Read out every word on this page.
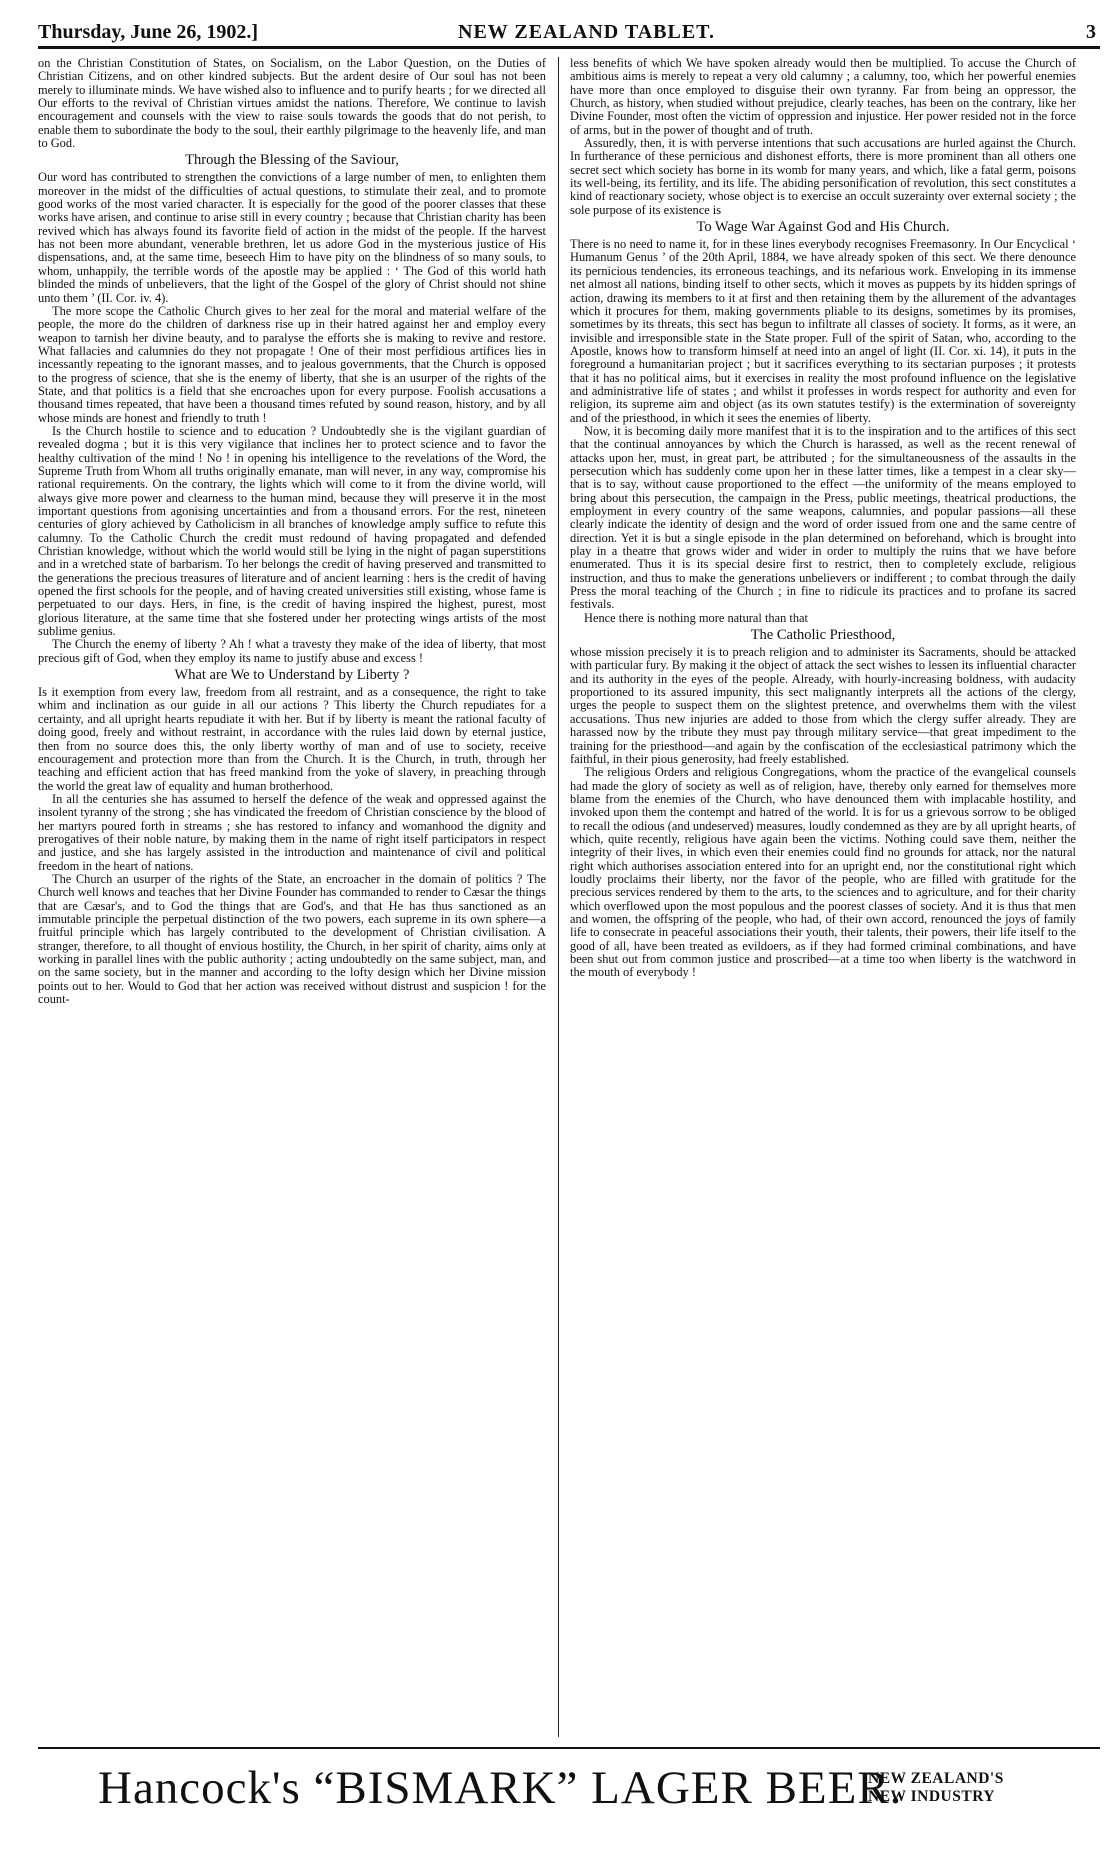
Thursday, June 26, 1902.]	NEW ZEALAND TABLET.	3

on the Christian Constitution of States, on Socialism, on the Labor Question, on the Duties of Christian Citizens, and on other kindred subjects. But the ardent desire of Our soul has not been merely to illuminate minds. We have wished also to influence and to purify hearts ; for we directed all Our efforts to the revival of Christian virtues amidst the nations. Therefore, We continue to lavish encouragement and counsels with the view to raise souls towards the goods that do not perish, to enable them to subordinate the body to the soul, their earthly pilgrimage to the heavenly life, and man to God.

Through the Blessing of the Saviour,

Our word has contributed to strengthen the convictions of a large number of men, to enlighten them moreover in the midst of the difficulties of actual questions, to stimulate their zeal, and to promote good works of the most varied character. It is especially for the good of the poorer classes that these works have arisen, and continue to arise still in every country ; because that Christian charity has been revived which has always found its favorite field of action in the midst of the people. If the harvest has not been more abundant, venerable brethren, let us adore God in the mysterious justice of His dispensations, and, at the same time, beseech Him to have pity on the blindness of so many souls, to whom, unhappily, the terrible words of the apostle may be applied : ‘ The God of this world hath blinded the minds of unbelievers, that the light of the Gospel of the glory of Christ should not shine unto them ’ (II. Cor. iv. 4).

The more scope the Catholic Church gives to her zeal for the moral and material welfare of the people, the more do the children of darkness rise up in their hatred against her and employ every weapon to tarnish her divine beauty, and to paralyse the efforts she is making to revive and restore. What fallacies and calumnies do they not propagate ! One of their most perfidious artifices lies in incessantly repeating to the ignorant masses, and to jealous governments, that the Church is opposed to the progress of science, that she is the enemy of liberty, that she is an usurper of the rights of the State, and that politics is a field that she encroaches upon for every purpose. Foolish accusations a thousand times repeated, that have been a thousand times refuted by sound reason, history, and by all whose minds are honest and friendly to truth !

Is the Church hostile to science and to education ? Undoubtedly she is the vigilant guardian of revealed dogma ; but it is this very vigilance that inclines her to protect science and to favor the healthy cultivation of the mind ! No ! in opening his intelligence to the revelations of the Word, the Supreme Truth from Whom all truths originally emanate, man will never, in any way, compromise his rational requirements. On the contrary, the lights which will come to it from the divine world, will always give more power and clearness to the human mind, because they will preserve it in the most important questions from agonising uncertainties and from a thousand errors. For the rest, nineteen centuries of glory achieved by Catholicism in all branches of knowledge amply suffice to refute this calumny. To the Catholic Church the credit must redound of having propagated and defended Christian knowledge, without which the world would still be lying in the night of pagan superstitions and in a wretched state of barbarism. To her belongs the credit of having preserved and transmitted to the generations the precious treasures of literature and of ancient learning : hers is the credit of having opened the first schools for the people, and of having created universities still existing, whose fame is perpetuated to our days. Hers, in fine, is the credit of having inspired the highest, purest, most glorious literature, at the same time that she fostered under her protecting wings artists of the most sublime genius.

The Church the enemy of liberty ? Ah ! what a travesty they make of the idea of liberty, that most precious gift of God, when they employ its name to justify abuse and excess !

What are We to Understand by Liberty ?

Is it exemption from every law, freedom from all restraint, and as a consequence, the right to take whim and inclination as our guide in all our actions ? This liberty the Church repudiates for a certainty, and all upright hearts repudiate it with her. But if by liberty is meant the rational faculty of doing good, freely and without restraint, in accordance with the rules laid down by eternal justice, then from no source does this, the only liberty worthy of man and of use to society, receive encouragement and protection more than from the Church. It is the Church, in truth, through her teaching and efficient action that has freed mankind from the yoke of slavery, in preaching through the world the great law of equality and human brotherhood.

In all the centuries she has assumed to herself the defence of the weak and oppressed against the insolent tyranny of the strong ; she has vindicated the freedom of Christian conscience by the blood of her martyrs poured forth in streams ; she has restored to infancy and womanhood the dignity and prerogatives of their noble nature, by making them in the name of right itself participators in respect and justice, and she has largely assisted in the introduction and maintenance of civil and political freedom in the heart of nations.

The Church an usurper of the rights of the State, an encroacher in the domain of politics ? The Church well knows and teaches that her Divine Founder has commanded to render to Cæsar the things that are Cæsar's, and to God the things that are God's, and that He has thus sanctioned as an immutable principle the perpetual distinction of the two powers, each supreme in its own sphere—a fruitful principle which has largely contributed to the development of Christian civilisation. A stranger, therefore, to all thought of envious hostility, the Church, in her spirit of charity, aims only at working in parallel lines with the public authority ; acting undoubtedly on the same subject, man, and on the same society, but in the manner and according to the lofty design which her Divine mission points out to her. Would to God that her action was received without distrust and suspicion ! for the count-

less benefits of which We have spoken already would then be multiplied. To accuse the Church of ambitious aims is merely to repeat a very old calumny ; a calumny, too, which her powerful enemies have more than once employed to disguise their own tyranny. Far from being an oppressor, the Church, as history, when studied without prejudice, clearly teaches, has been on the contrary, like her Divine Founder, most often the victim of oppression and injustice. Her power resided not in the force of arms, but in the power of thought and of truth.

Assuredly, then, it is with perverse intentions that such accusations are hurled against the Church. In furtherance of these pernicious and dishonest efforts, there is more prominent than all others one secret sect which society has borne in its womb for many years, and which, like a fatal germ, poisons its well-being, its fertility, and its life. The abiding personification of revolution, this sect constitutes a kind of reactionary society, whose object is to exercise an occult suzerainty over external society ; the sole purpose of its existence is

To Wage War Against God and His Church.

There is no need to name it, for in these lines everybody recognises Freemasonry. In Our Encyclical ‘ Humanum Genus ’ of the 20th April, 1884, we have already spoken of this sect. We there denounce its pernicious tendencies, its erroneous teachings, and its nefarious work. Enveloping in its immense net almost all nations, binding itself to other sects, which it moves as puppets by its hidden springs of action, drawing its members to it at first and then retaining them by the allurement of the advantages which it procures for them, making governments pliable to its designs, sometimes by its promises, sometimes by its threats, this sect has begun to infiltrate all classes of society. It forms, as it were, an invisible and irresponsible state in the State proper. Full of the spirit of Satan, who, according to the Apostle, knows how to transform himself at need into an angel of light (II. Cor. xi. 14), it puts in the foreground a humanitarian project ; but it sacrifices everything to its sectarian purposes ; it protests that it has no political aims, but it exercises in reality the most profound influence on the legislative and administrative life of states ; and whilst it professes in words respect for authority and even for religion, its supreme aim and object (as its own statutes testify) is the extermination of sovereignty and of the priesthood, in which it sees the enemies of liberty.

Now, it is becoming daily more manifest that it is to the inspiration and to the artifices of this sect that the continual annoyances by which the Church is harassed, as well as the recent renewal of attacks upon her, must, in great part, be attributed ; for the simultaneousness of the assaults in the persecution which has suddenly come upon her in these latter times, like a tempest in a clear sky—that is to say, without cause proportioned to the effect —the uniformity of the means employed to bring about this persecution, the campaign in the Press, public meetings, theatrical productions, the employment in every country of the same weapons, calumnies, and popular passions—all these clearly indicate the identity of design and the word of order issued from one and the same centre of direction. Yet it is but a single episode in the plan determined on beforehand, which is brought into play in a theatre that grows wider and wider in order to multiply the ruins that we have before enumerated. Thus it is its special desire first to restrict, then to completely exclude, religious instruction, and thus to make the generations unbelievers or indifferent ; to combat through the daily Press the moral teaching of the Church ; in fine to ridicule its practices and to profane its sacred festivals.

Hence there is nothing more natural than that

The Catholic Priesthood,

whose mission precisely it is to preach religion and to administer its Sacraments, should be attacked with particular fury. By making it the object of attack the sect wishes to lessen its influential character and its authority in the eyes of the people. Already, with hourly-increasing boldness, with audacity proportioned to its assured impunity, this sect malignantly interprets all the actions of the clergy, urges the people to suspect them on the slightest pretence, and overwhelms them with the vilest accusations. Thus new injuries are added to those from which the clergy suffer already. They are harassed now by the tribute they must pay through military service—that great impediment to the training for the priesthood—and again by the confiscation of the ecclesiastical patrimony which the faithful, in their pious generosity, had freely established.

The religious Orders and religious Congregations, whom the practice of the evangelical counsels had made the glory of society as well as of religion, have, thereby only earned for themselves more blame from the enemies of the Church, who have denounced them with implacable hostility, and invoked upon them the contempt and hatred of the world. It is for us a grievous sorrow to be obliged to recall the odious (and undeserved) measures, loudly condemned as they are by all upright hearts, of which, quite recently, religious have again been the victims. Nothing could save them, neither the integrity of their lives, in which even their enemies could find no grounds for attack, nor the natural right which authorises association entered into for an upright end, nor the constitutional right which loudly proclaims their liberty, nor the favor of the people, who are filled with gratitude for the precious services rendered by them to the arts, to the sciences and to agriculture, and for their charity which overflowed upon the most populous and the poorest classes of society. And it is thus that men and women, the offspring of the people, who had, of their own accord, renounced the joys of family life to consecrate in peaceful associations their youth, their talents, their powers, their life itself to the good of all, have been treated as evildoers, as if they had formed criminal combinations, and have been shut out from common justice and proscribed—at a time too when liberty is the watchword in the mouth of everybody !

Hancock's “BISMARK” LAGER BEER.
NEW ZEALAND'S
NEW INDUSTRY
